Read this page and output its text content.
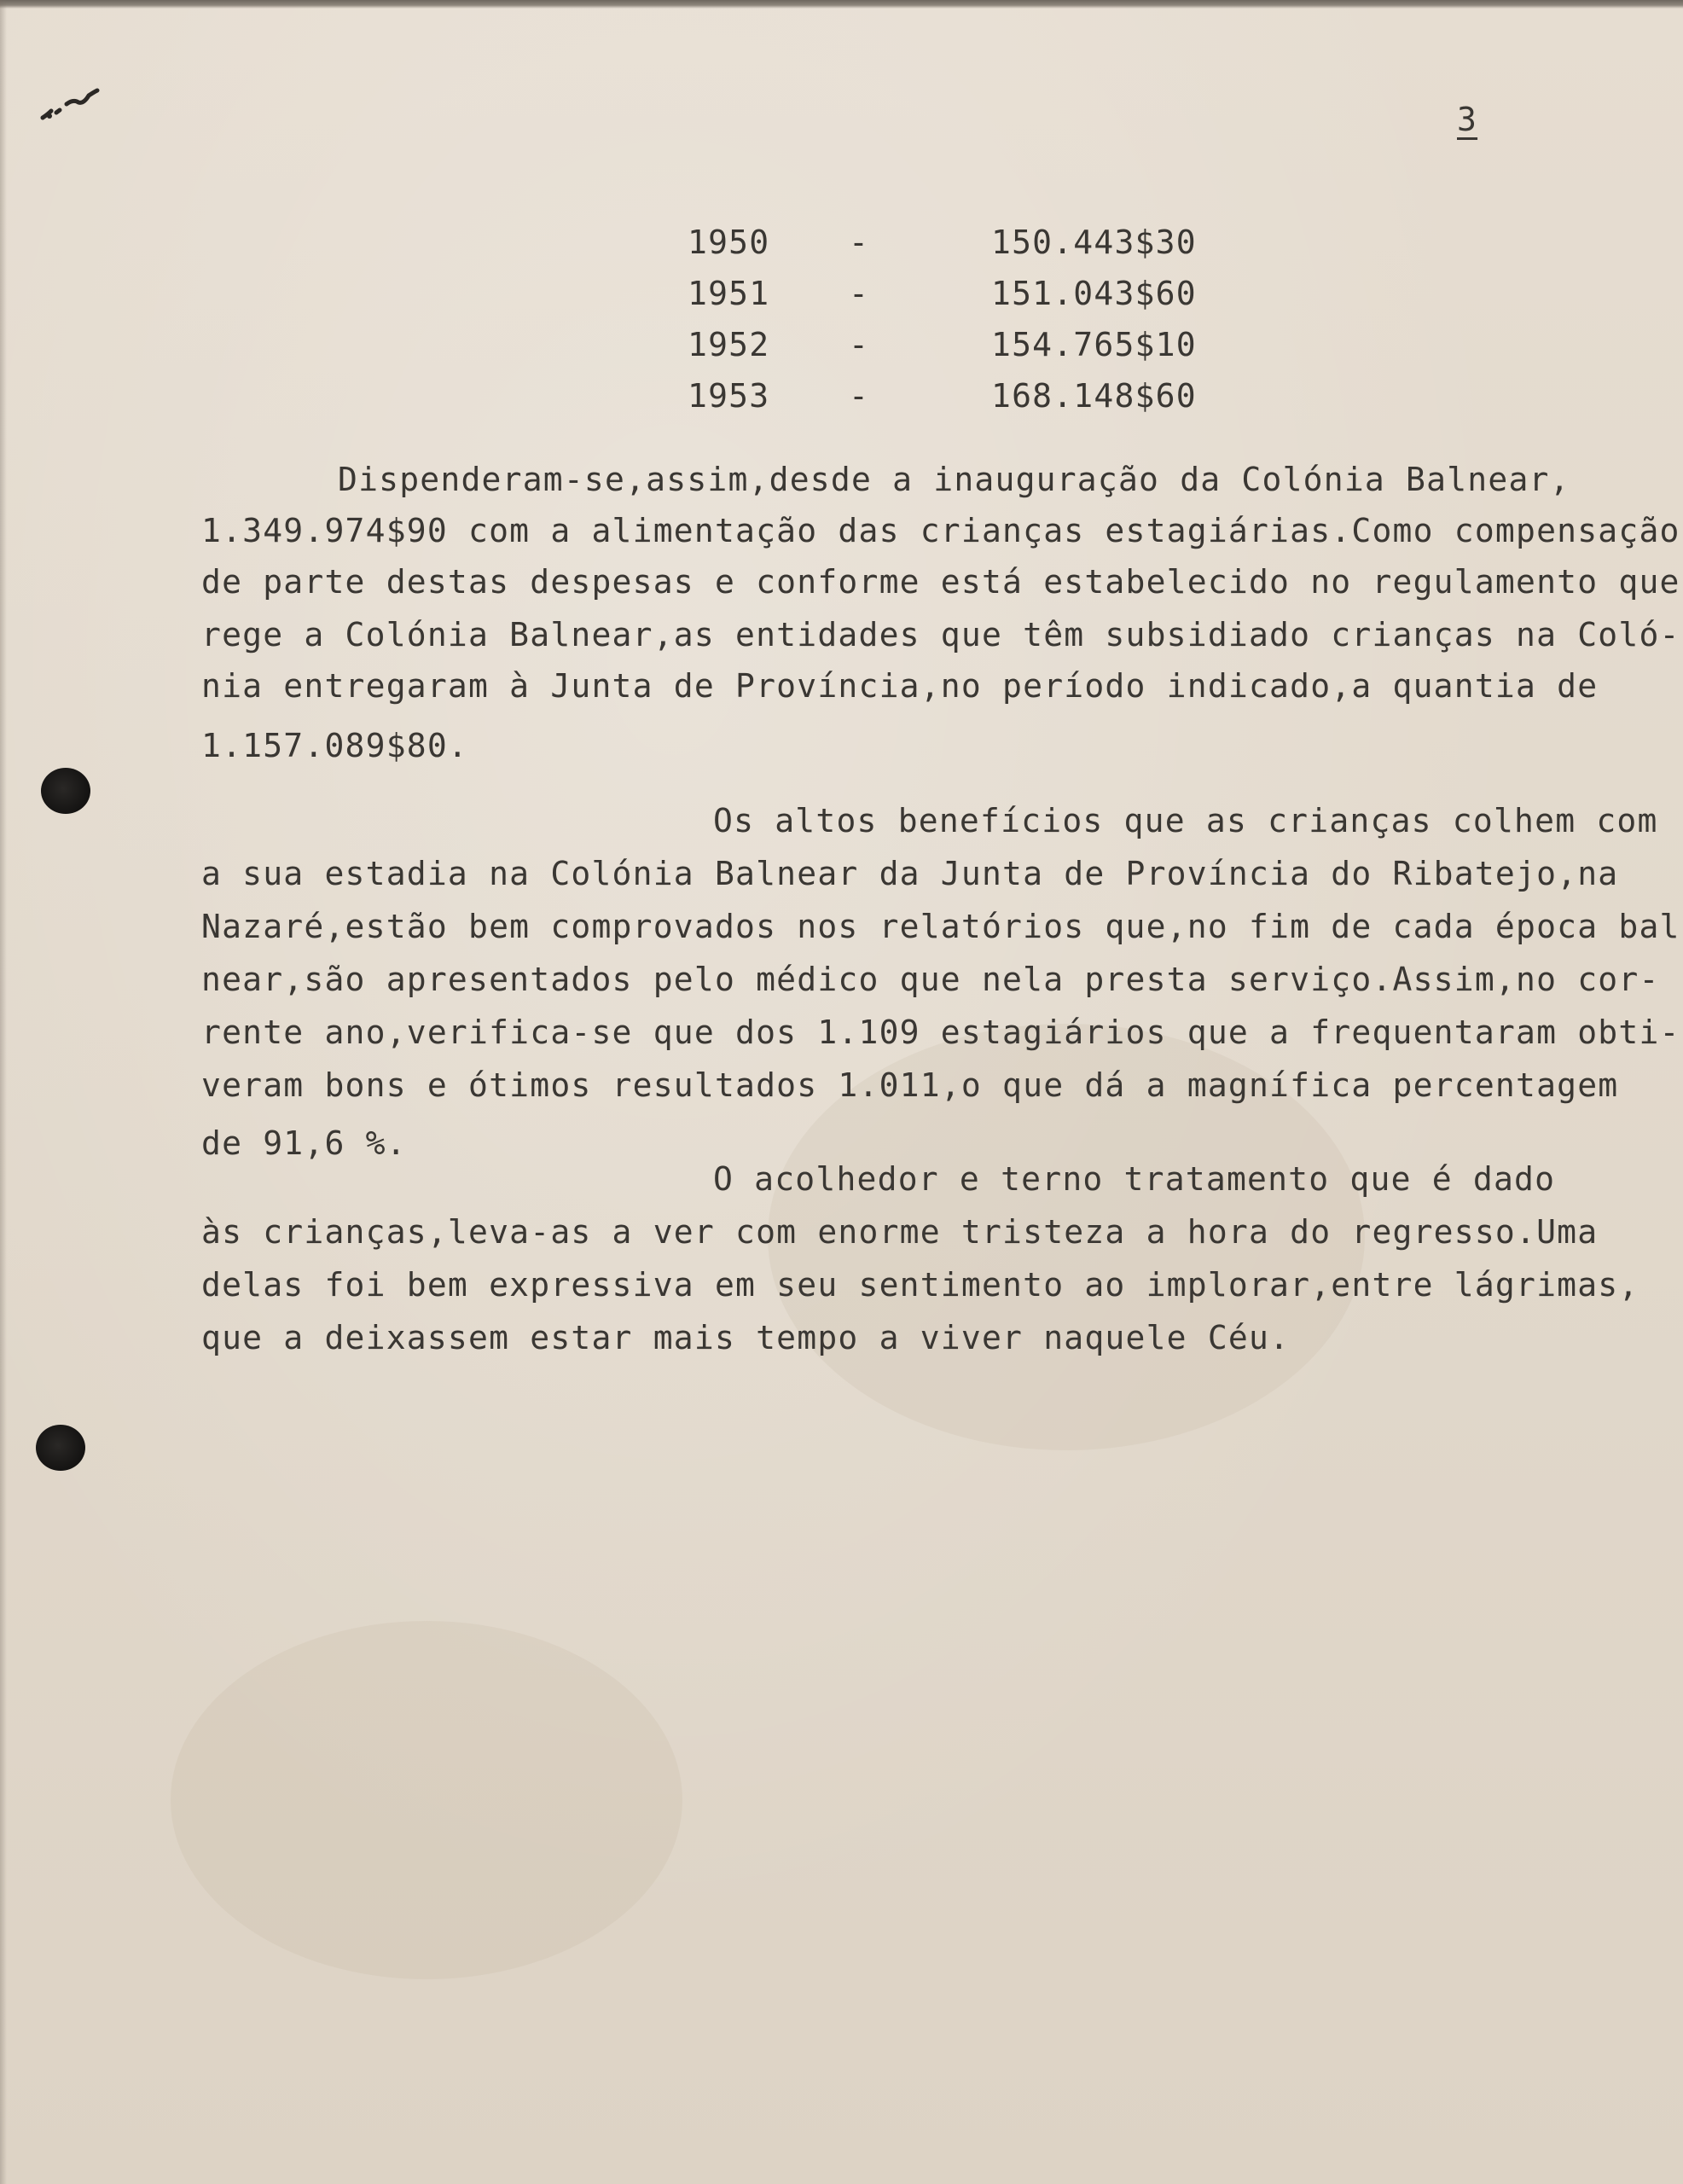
3
1950 -	150.443$30
1951 -	151.043$60
1952 -	154.765$10
1953 -	168.148$60
Dispenderam-se,assim,desde a inauguração da Colónia Balnear,
1.349.974$90 com a alimentação das crianças estagiárias.Como compensação
de parte destas despesas e conforme está estabelecido no regulamento que
rege a Colónia Balnear,as entidades que têm subsidiado crianças na Coló-
nia entregaram à Junta de Província,no período indicado,a quantia de
1.157.089$80.
Os altos benefícios que as crianças colhem com
a sua estadia na Colónia Balnear da Junta de Província do Ribatejo,na
Nazaré,estão bem comprovados nos relatórios que,no fim de cada época bal
near,são apresentados pelo médico que nela presta serviço.Assim,no cor-
rente ano,verifica-se que dos 1.109 estagiários que a frequentaram obti-
veram bons e ótimos resultados 1.011,o que dá a magnífica percentagem
de 91,6 %.
O acolhedor e terno tratamento que é dado
às crianças,leva-as a ver com enorme tristeza a hora do regresso.Uma
delas foi bem expressiva em seu sentimento ao implorar,entre lágrimas,
que a deixassem estar mais tempo a viver naquele Céu.
